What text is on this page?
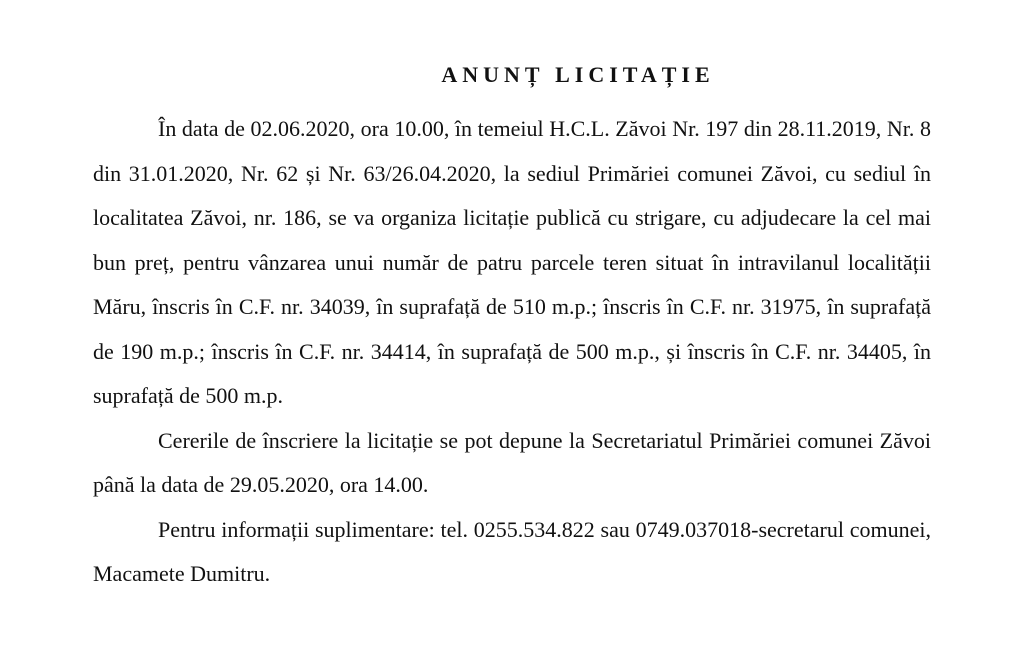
ANUNȚ LICITAȚIE

În data de 02.06.2020, ora 10.00, în temeiul H.C.L. Zăvoi Nr. 197 din 28.11.2019, Nr. 8 din 31.01.2020, Nr. 62 și Nr. 63/26.04.2020, la sediul Primăriei comunei Zăvoi, cu sediul în localitatea Zăvoi, nr. 186, se va organiza licitație publică cu strigare, cu adjudecare la cel mai bun preț, pentru vânzarea unui număr de patru parcele teren situat în intravilanul localității Măru, înscris în C.F. nr. 34039, în suprafață de 510 m.p.; înscris în C.F. nr. 31975, în suprafață de 190 m.p.; înscris în C.F. nr. 34414, în suprafață de 500 m.p., și înscris în C.F. nr. 34405, în suprafață de 500 m.p.

Cererile de înscriere la licitație se pot depune la Secretariatul Primăriei comunei Zăvoi până la data de 29.05.2020, ora 14.00.

Pentru informații suplimentare: tel. 0255.534.822 sau 0749.037018-secretarul comunei, Macamete Dumitru.
